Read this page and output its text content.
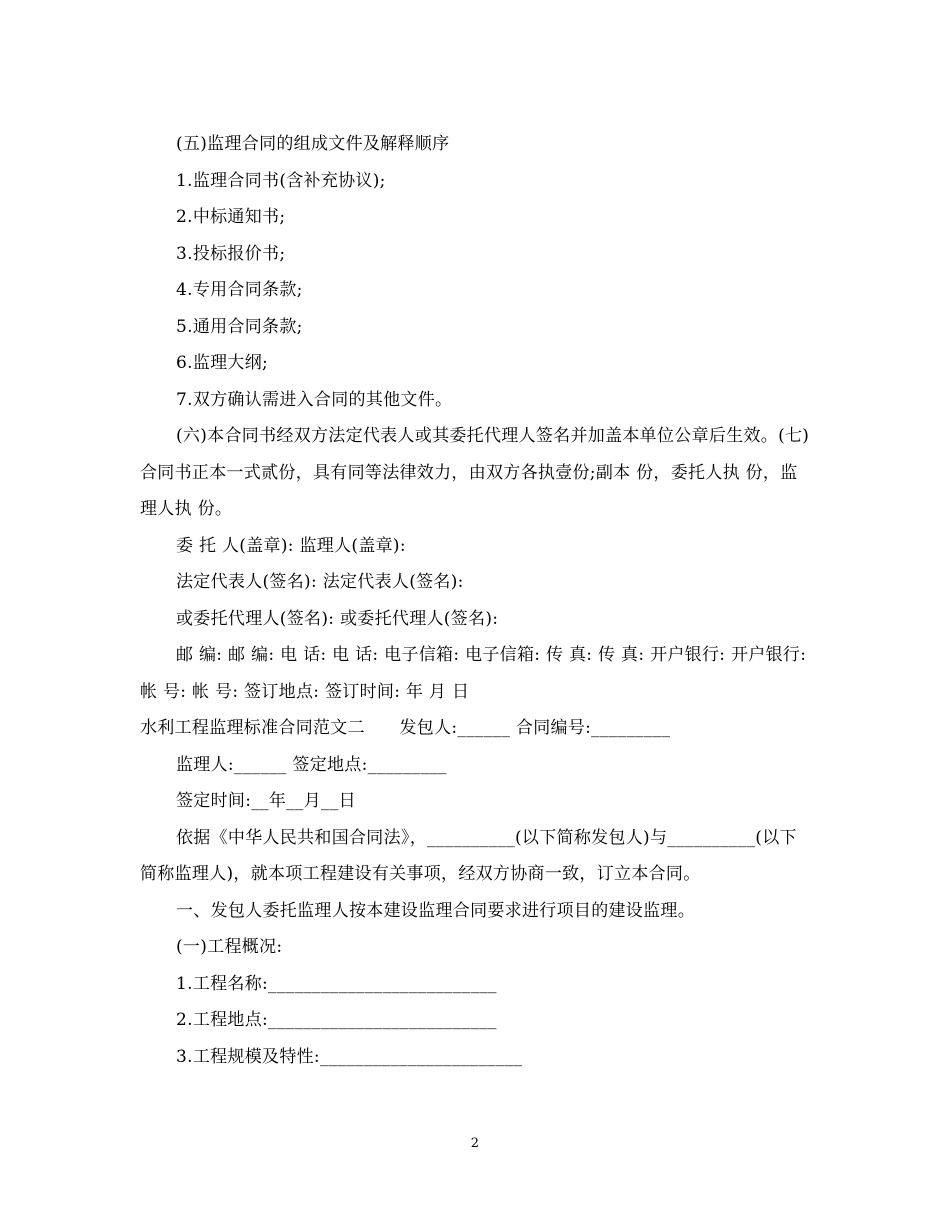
(五)监理合同的组成文件及解释顺序

1.监理合同书(含补充协议);

2.中标通知书;

3.投标报价书;

4.专用合同条款;

5.通用合同条款;

6.监理大纲;

7.双方确认需进入合同的其他文件。

(六)本合同书经双方法定代表人或其委托代理人签名并加盖本单位公章后生效。(七)合同书正本一式贰份，具有同等法律效力，由双方各执壹份;副本 份，委托人执 份，监理人执 份。

委 托 人(盖章): 监理人(盖章):

法定代表人(签名): 法定代表人(签名):

或委托代理人(签名): 或委托代理人(签名):

邮 编: 邮 编: 电 话: 电 话: 电子信箱: 电子信箱: 传 真: 传 真: 开户银行: 开户银行: 帐 号: 帐 号: 签订地点: 签订时间: 年 月 日

水利工程监理标准合同范文二　　发包人:______ 合同编号:_________

监理人:______ 签定地点:_________

签定时间:__年__月__日

依据《中华人民共和国合同法》，__________(以下简称发包人)与__________(以下简称监理人)，就本项工程建设有关事项，经双方协商一致，订立本合同。

一、发包人委托监理人按本建设监理合同要求进行项目的建设监理。

(一)工程概况:

1.工程名称:__________________________

2.工程地点:__________________________

3.工程规模及特性:_______________________

2
